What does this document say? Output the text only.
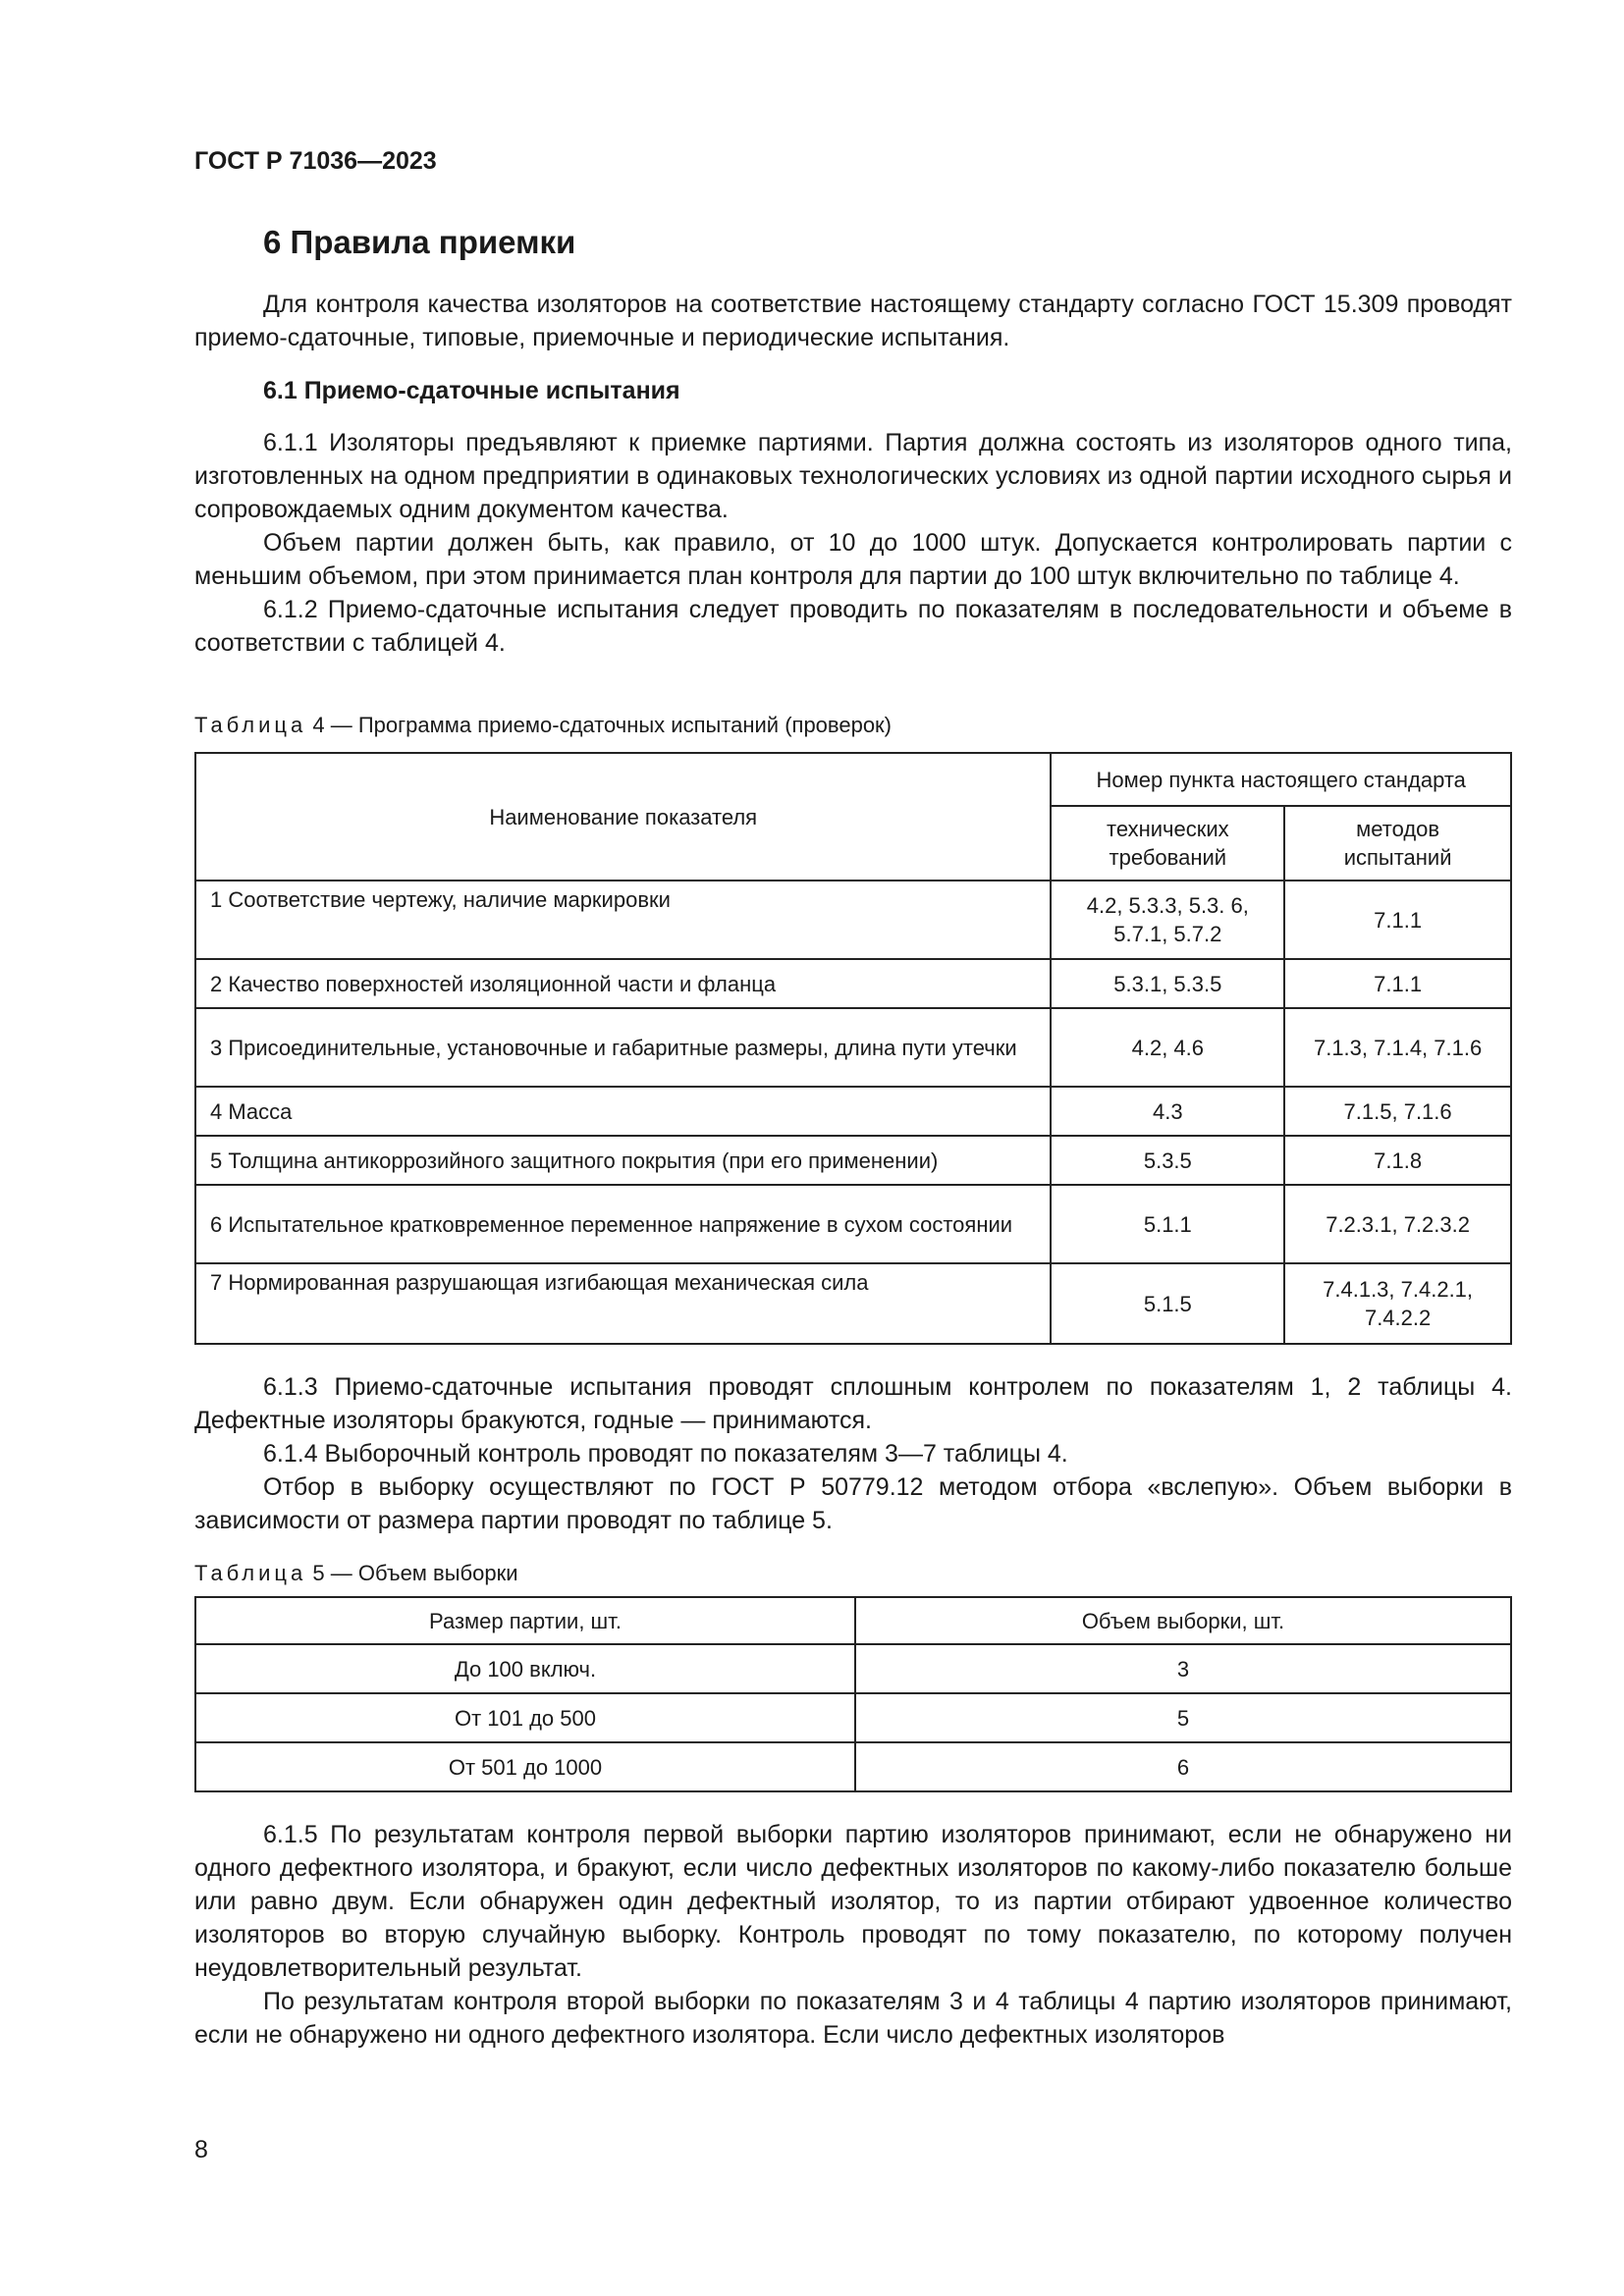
ГОСТ Р 71036—2023
6 Правила приемки

Для контроля качества изоляторов на соответствие настоящему стандарту согласно ГОСТ 15.309 проводят приемо-сдаточные, типовые, приемочные и периодические испытания.

6.1 Приемо-сдаточные испытания

6.1.1 Изоляторы предъявляют к приемке партиями. Партия должна состоять из изоляторов одного типа, изготовленных на одном предприятии в одинаковых технологических условиях из одной партии исходного сырья и сопровождаемых одним документом качества.

Объем партии должен быть, как правило, от 10 до 1000 штук. Допускается контролировать партии с меньшим объемом, при этом принимается план контроля для партии до 100 штук включительно по таблице 4.

6.1.2 Приемо-сдаточные испытания следует проводить по показателям в последовательности и объеме в соответствии с таблицей 4.

Таблица 4 — Программа приемо-сдаточных испытаний (проверок)
Наименование показателя	Номер пункта настоящего стандарта	
	технических требований	методов испытаний
1 Соответствие чертежу, наличие маркировки	4.2, 5.3.3, 5.3. 6, 5.7.1, 5.7.2	7.1.1
2 Качество поверхностей изоляционной части и фланца	5.3.1, 5.3.5	7.1.1
3 Присоединительные, установочные и габаритные размеры, длина пути утечки	4.2, 4.6	7.1.3, 7.1.4, 7.1.6
4 Масса	4.3	7.1.5, 7.1.6
5 Толщина антикоррозийного защитного покрытия (при его применении)	5.3.5	7.1.8
6 Испытательное кратковременное переменное напряжение в сухом состоянии	5.1.1	7.2.3.1, 7.2.3.2
7 Нормированная разрушающая изгибающая механическая сила	5.1.5	7.4.1.3, 7.4.2.1, 7.4.2.2

6.1.3 Приемо-сдаточные испытания проводят сплошным контролем по показателям 1, 2 таблицы 4. Дефектные изоляторы бракуются, годные — принимаются.

6.1.4 Выборочный контроль проводят по показателям 3—7 таблицы 4.

Отбор в выборку осуществляют по ГОСТ Р 50779.12 методом отбора «вслепую». Объем выборки в зависимости от размера партии проводят по таблице 5.

Таблица 5 — Объем выборки
Размер партии, шт.	Объем выборки, шт.
До 100 включ.	3
От 101 до 500	5
От 501 до 1000	6

6.1.5 По результатам контроля первой выборки партию изоляторов принимают, если не обнаружено ни одного дефектного изолятора, и бракуют, если число дефектных изоляторов по какому-либо показателю больше или равно двум. Если обнаружен один дефектный изолятор, то из партии отбирают удвоенное количество изоляторов во вторую случайную выборку. Контроль проводят по тому показателю, по которому получен неудовлетворительный результат.

По результатам контроля второй выборки по показателям 3 и 4 таблицы 4 партию изоляторов принимают, если не обнаружено ни одного дефектного изолятора. Если число дефектных изоляторов

8
